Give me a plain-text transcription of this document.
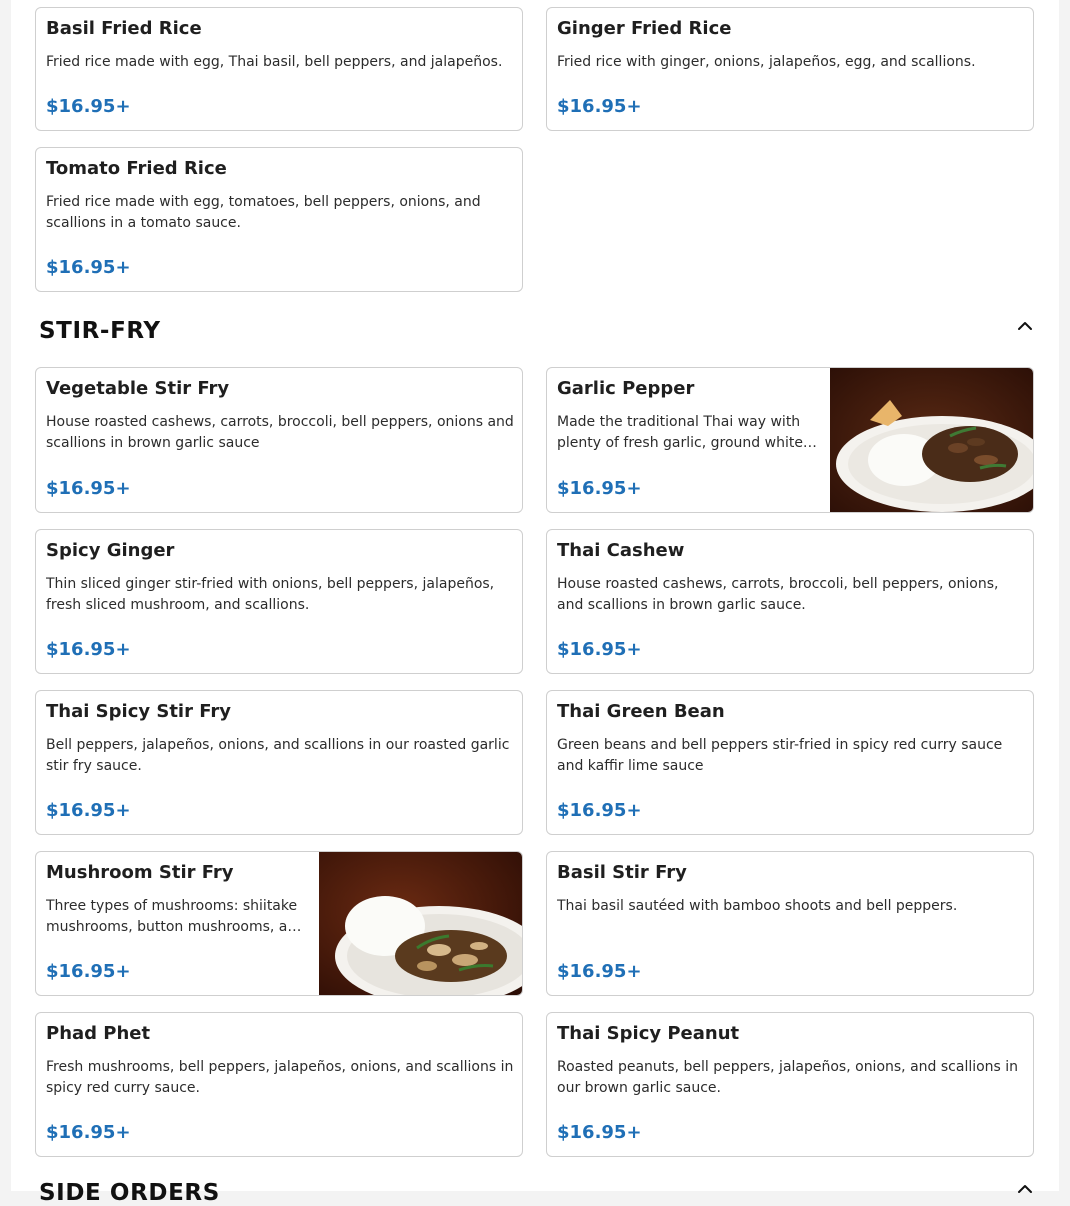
Basil Fried Rice
Fried rice made with egg, Thai basil, bell peppers, and jalapeños.
$16.95+
Ginger Fried Rice
Fried rice with ginger, onions, jalapeños, egg, and scallions.
$16.95+
Tomato Fried Rice
Fried rice made with egg, tomatoes, bell peppers, onions, and scallions in a tomato sauce.
$16.95+
STIR-FRY
Vegetable Stir Fry
House roasted cashews, carrots, broccoli, bell peppers, onions and scallions in brown garlic sauce
$16.95+
Garlic Pepper
Made the traditional Thai way with plenty of fresh garlic, ground white…
$16.95+
Spicy Ginger
Thin sliced ginger stir-fried with onions, bell peppers, jalapeños, fresh sliced mushroom, and scallions.
$16.95+
Thai Cashew
House roasted cashews, carrots, broccoli, bell peppers, onions, and scallions in brown garlic sauce.
$16.95+
Thai Spicy Stir Fry
Bell peppers, jalapeños, onions, and scallions in our roasted garlic stir fry sauce.
$16.95+
Thai Green Bean
Green beans and bell peppers stir-fried in spicy red curry sauce and kaffir lime sauce
$16.95+
Mushroom Stir Fry
Three types of mushrooms: shiitake mushrooms, button mushrooms, a…
$16.95+
Basil Stir Fry
Thai basil sautéed with bamboo shoots and bell peppers.
$16.95+
Phad Phet
Fresh mushrooms, bell peppers, jalapeños, onions, and scallions in spicy red curry sauce.
$16.95+
Thai Spicy Peanut
Roasted peanuts, bell peppers, jalapeños, onions, and scallions in our brown garlic sauce.
$16.95+
SIDE ORDERS
